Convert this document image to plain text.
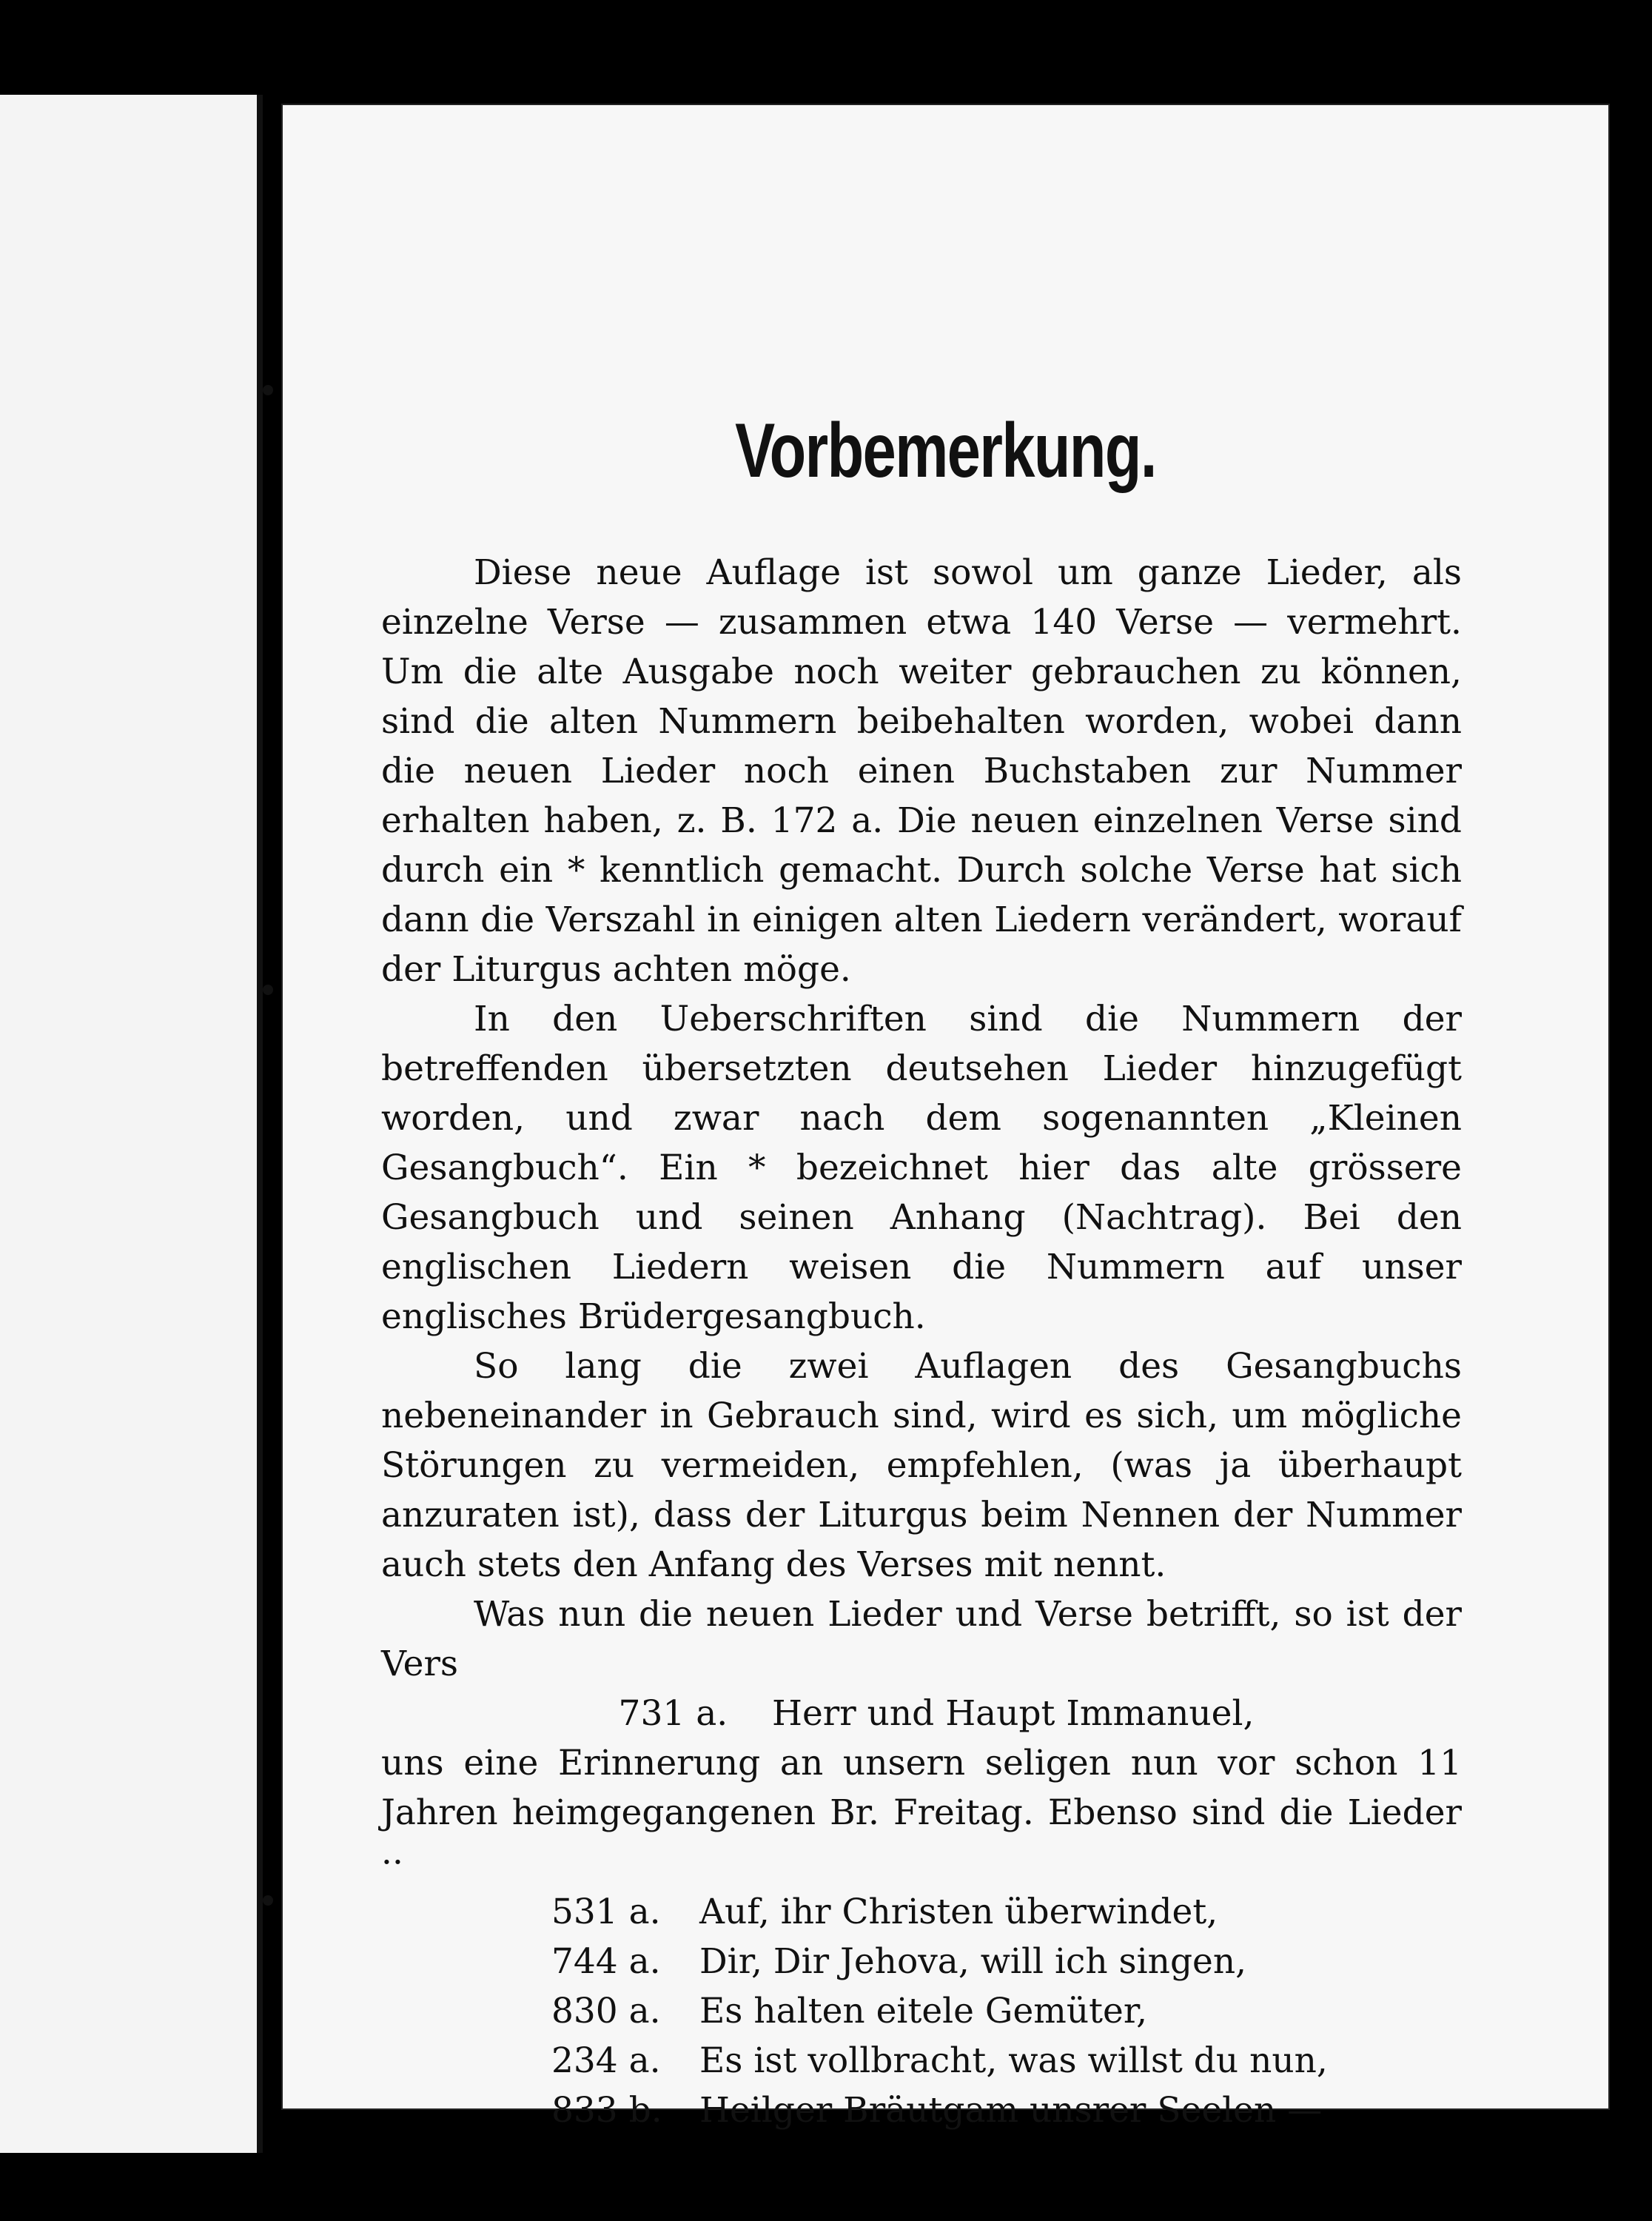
Vorbemerkung.

Diese neue Auflage ist sowol um ganze Lieder, als einzelne Verse — zusammen etwa 140 Verse — vermehrt. Um die alte Ausgabe noch weiter gebrauchen zu können, sind die alten Nummern beibehalten worden, wobei dann die neuen Lieder noch einen Buchstaben zur Nummer erhalten haben, z. B. 172 a. Die neuen einzelnen Verse sind durch ein * kenntlich gemacht. Durch solche Verse hat sich dann die Verszahl in einigen alten Liedern verändert, worauf der Liturgus achten möge.

In den Ueberschriften sind die Nummern der betreffenden übersetzten deutsehen Lieder hinzugefügt worden, und zwar nach dem sogenannten „Kleinen Gesangbuch“. Ein * bezeichnet hier das alte grössere Gesangbuch und seinen Anhang (Nachtrag). Bei den englischen Liedern weisen die Nummern auf unser englisches Brüdergesangbuch.

So lang die zwei Auflagen des Gesangbuchs nebeneinander in Gebrauch sind, wird es sich, um mögliche Störungen zu vermeiden, empfehlen, (was ja überhaupt anzuraten ist), dass der Liturgus beim Nennen der Nummer auch stets den Anfang des Verses mit nennt.

Was nun die neuen Lieder und Verse betrifft, so ist der Vers

731 a. Herr und Haupt Immanuel,

uns eine Erinnerung an unsern seligen nun vor schon 11 Jahren heimgegangenen Br. Freitag. Ebenso sind die Lieder ··

531 a.	Auf, ihr Christen überwindet,
744 a.	Dir, Dir Jehova, will ich singen,
830 a.	Es halten eitele Gemüter,
234 a.	Es ist vollbracht, was willst du nun,
833 b.	Heilger Bräutgam unsrer Seelen —
